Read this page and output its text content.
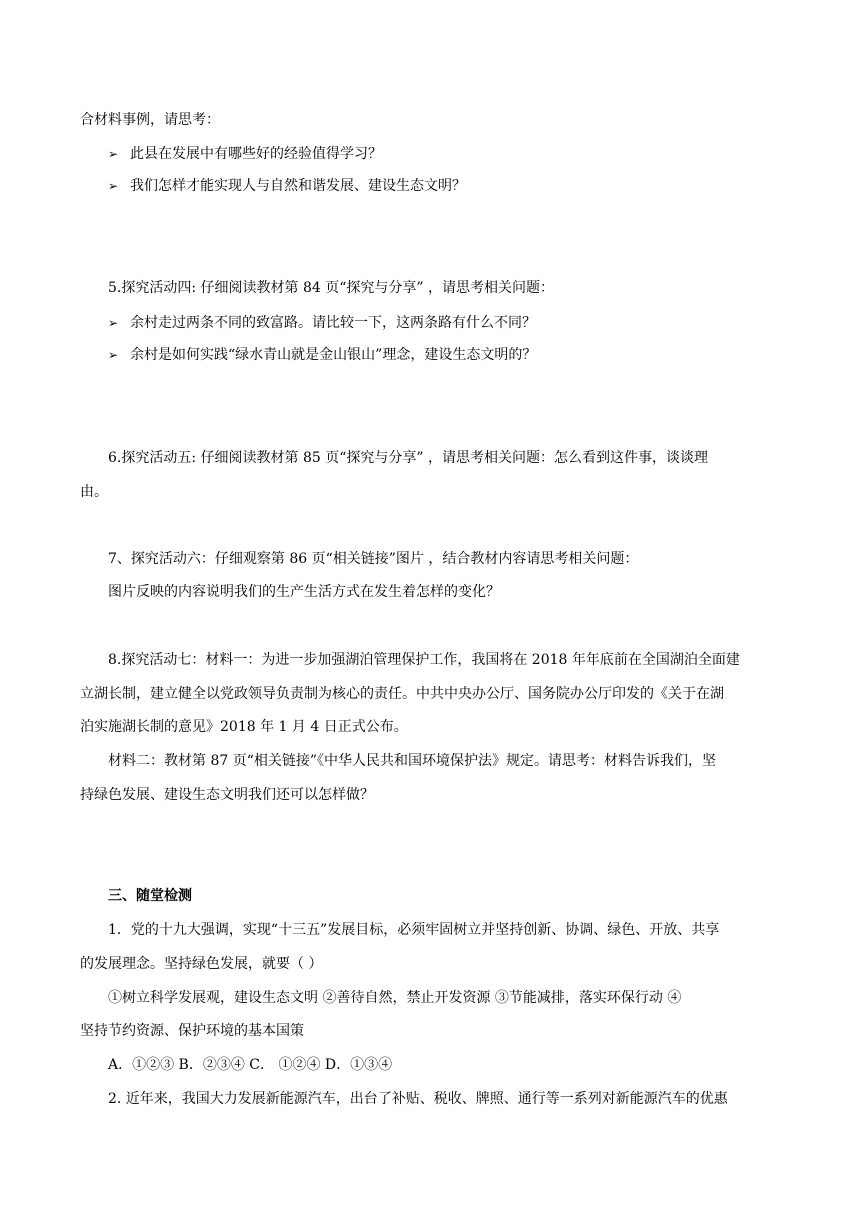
合材料事例，请思考：
➢ 此县在发展中有哪些好的经验值得学习？
➢ 我们怎样才能实现人与自然和谐发展、建设生态文明？
5.探究活动四: 仔细阅读教材第 84 页“探究与分享” ，请思考相关问题：
➢ 余村走过两条不同的致富路。请比较一下，这两条路有什么不同？
➢ 余村是如何实践“绿水青山就是金山银山”理念，建设生态文明的？
6.探究活动五: 仔细阅读教材第 85 页“探究与分享” ，请思考相关问题：怎么看到这件事，谈谈理
由。
7、探究活动六：仔细观察第 86 页“相关链接”图片 ，结合教材内容请思考相关问题：
图片反映的内容说明我们的生产生活方式在发生着怎样的变化？
8.探究活动七：材料一：为进一步加强湖泊管理保护工作，我国将在 2018 年年底前在全国湖泊全面建
立湖长制，建立健全以党政领导负责制为核心的责任。中共中央办公厅、国务院办公厅印发的《关于在湖
泊实施湖长制的意见》2018 年 1 月 4 日正式公布。
材料二：教材第 87 页“相关链接”《中华人民共和国环境保护法》规定。请思考：材料告诉我们，坚
持绿色发展、建设生态文明我们还可以怎样做？
三、随堂检测
1．党的十九大强调，实现“十三五”发展目标，必须牢固树立并坚持创新、协调、绿色、开放、共享
的发展理念。坚持绿色发展，就要（ ）
①树立科学发展观，建设生态文明 ②善待自然，禁止开发资源 ③节能减排，落实环保行动 ④
坚持节约资源、保护环境的基本国策
A．①②③ B．②③④ C． ①②④ D．①③④
2. 近年来，我国大力发展新能源汽车，出台了补贴、税收、牌照、通行等一系列对新能源汽车的优惠
